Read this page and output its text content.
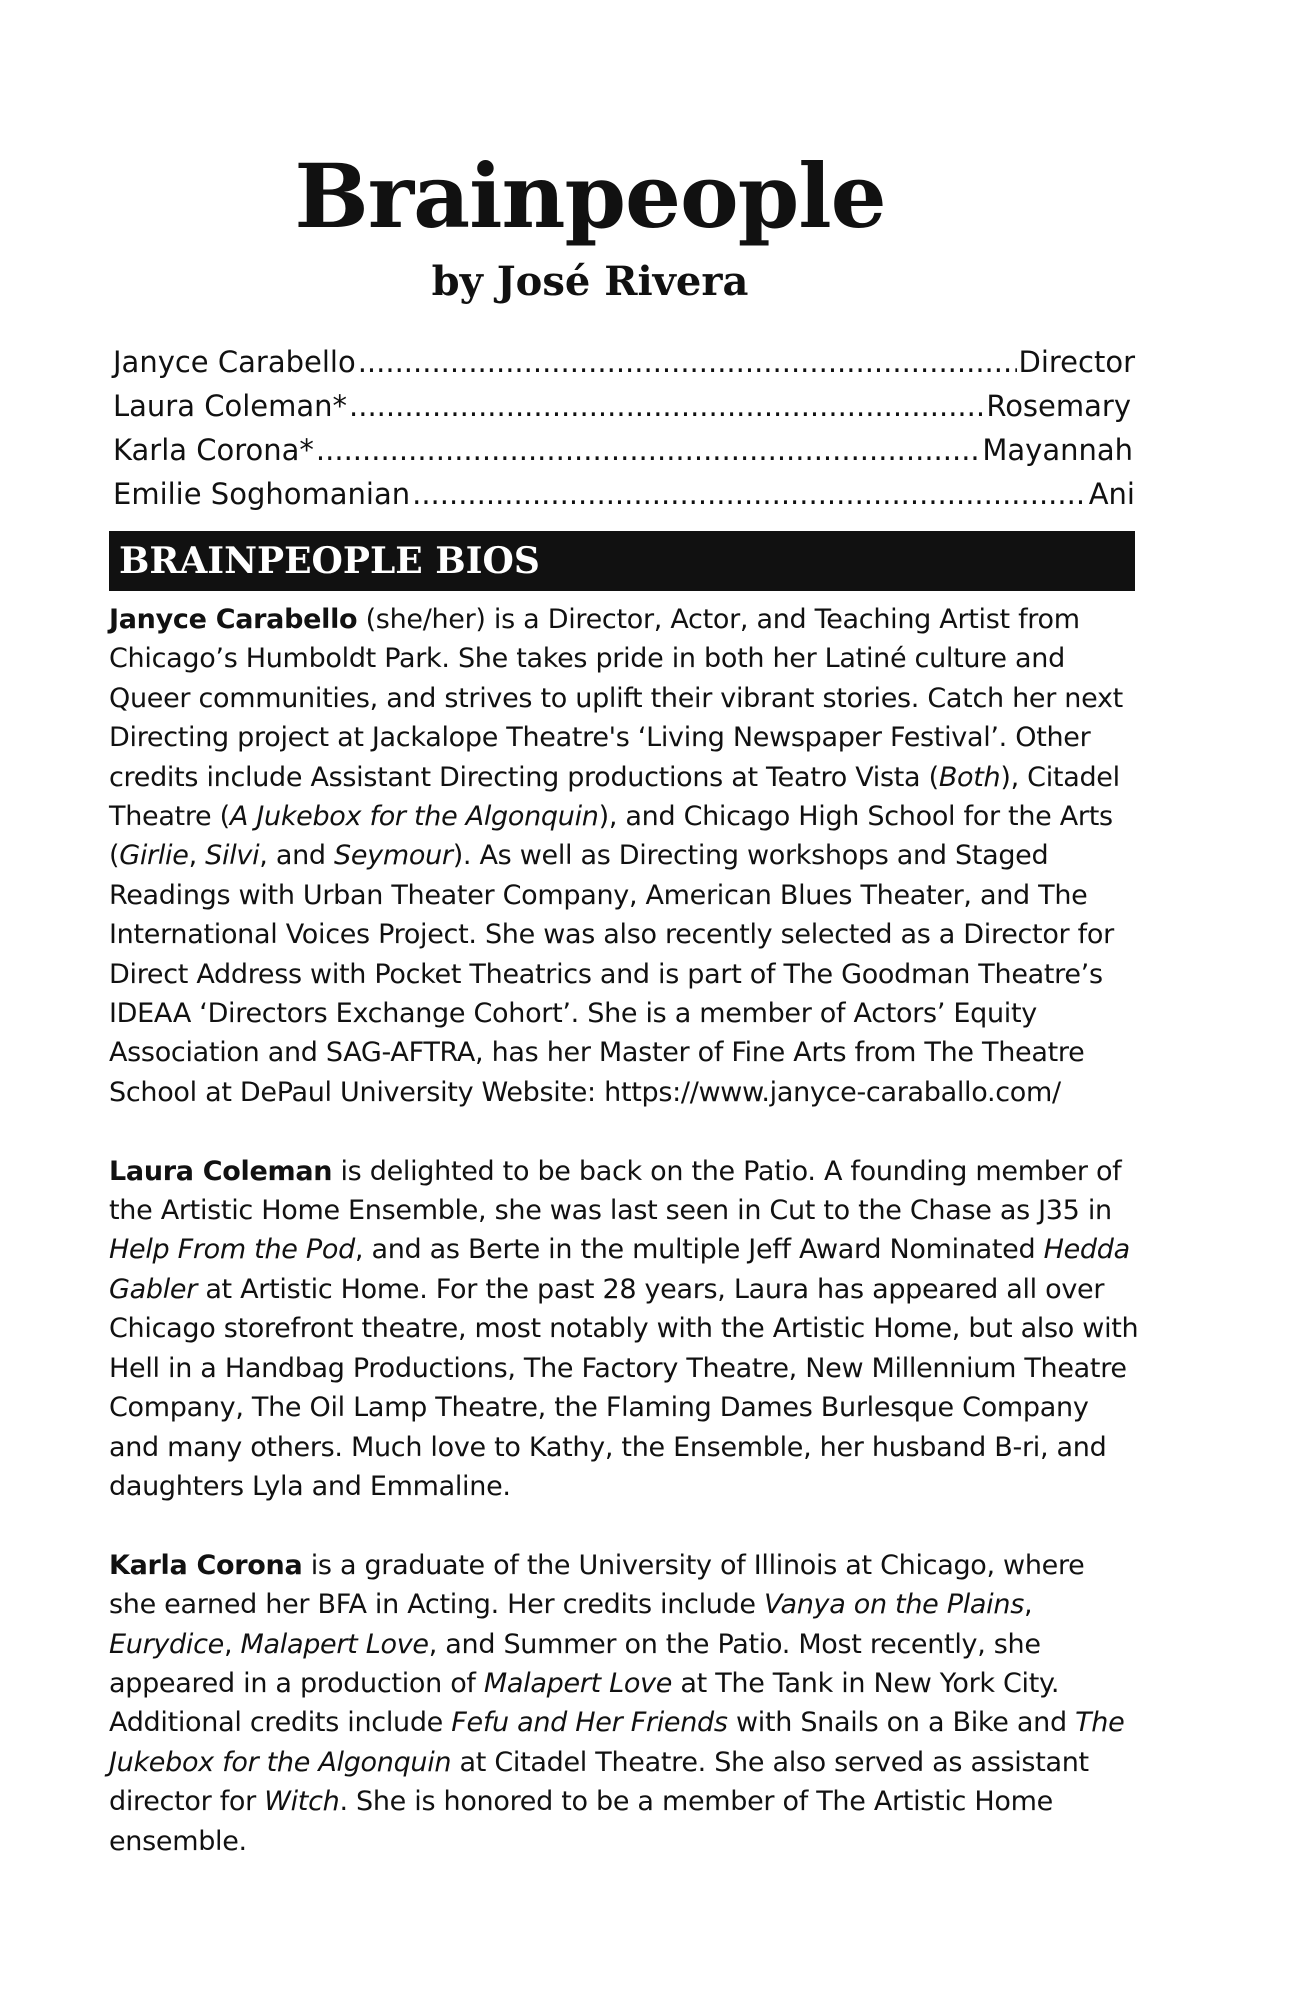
Brainpeople
by José Rivera
Janyce Carabello .....	Director
Laura Coleman* .....	Rosemary
Karla Corona* .....	Mayannah
Emilie Soghomanian .....	Ani
BRAINPEOPLE BIOS

Janyce Carabello (she/her) is a Director, Actor, and Teaching Artist from Chicago’s Humboldt Park. She takes pride in both her Latiné culture and Queer communities, and strives to uplift their vibrant stories. Catch her next Directing project at Jackalope Theatre's ‘Living Newspaper Festival’. Other credits include Assistant Directing productions at Teatro Vista (Both), Citadel Theatre (A Jukebox for the Algonquin), and Chicago High School for the Arts (Girlie, Silvi, and Seymour). As well as Directing workshops and Staged Readings with Urban Theater Company, American Blues Theater, and The International Voices Project. She was also recently selected as a Director for Direct Address with Pocket Theatrics and is part of The Goodman Theatre’s IDEAA ‘Directors Exchange Cohort’. She is a member of Actors’ Equity Association and SAG-AFTRA, has her Master of Fine Arts from The Theatre School at DePaul University Website: https://www.janyce-caraballo.com/

Laura Coleman is delighted to be back on the Patio. A founding member of the Artistic Home Ensemble, she was last seen in Cut to the Chase as J35 in Help From the Pod, and as Berte in the multiple Jeff Award Nominated Hedda Gabler at Artistic Home. For the past 28 years, Laura has appeared all over Chicago storefront theatre, most notably with the Artistic Home, but also with Hell in a Handbag Productions, The Factory Theatre, New Millennium Theatre Company, The Oil Lamp Theatre, the Flaming Dames Burlesque Company and many others. Much love to Kathy, the Ensemble, her husband B-ri, and daughters Lyla and Emmaline.

Karla Corona is a graduate of the University of Illinois at Chicago, where she earned her BFA in Acting. Her credits include Vanya on the Plains, Eurydice, Malapert Love, and Summer on the Patio. Most recently, she appeared in a production of Malapert Love at The Tank in New York City. Additional credits include Fefu and Her Friends with Snails on a Bike and The Jukebox for the Algonquin at Citadel Theatre. She also served as assistant director for Witch. She is honored to be a member of The Artistic Home ensemble.
